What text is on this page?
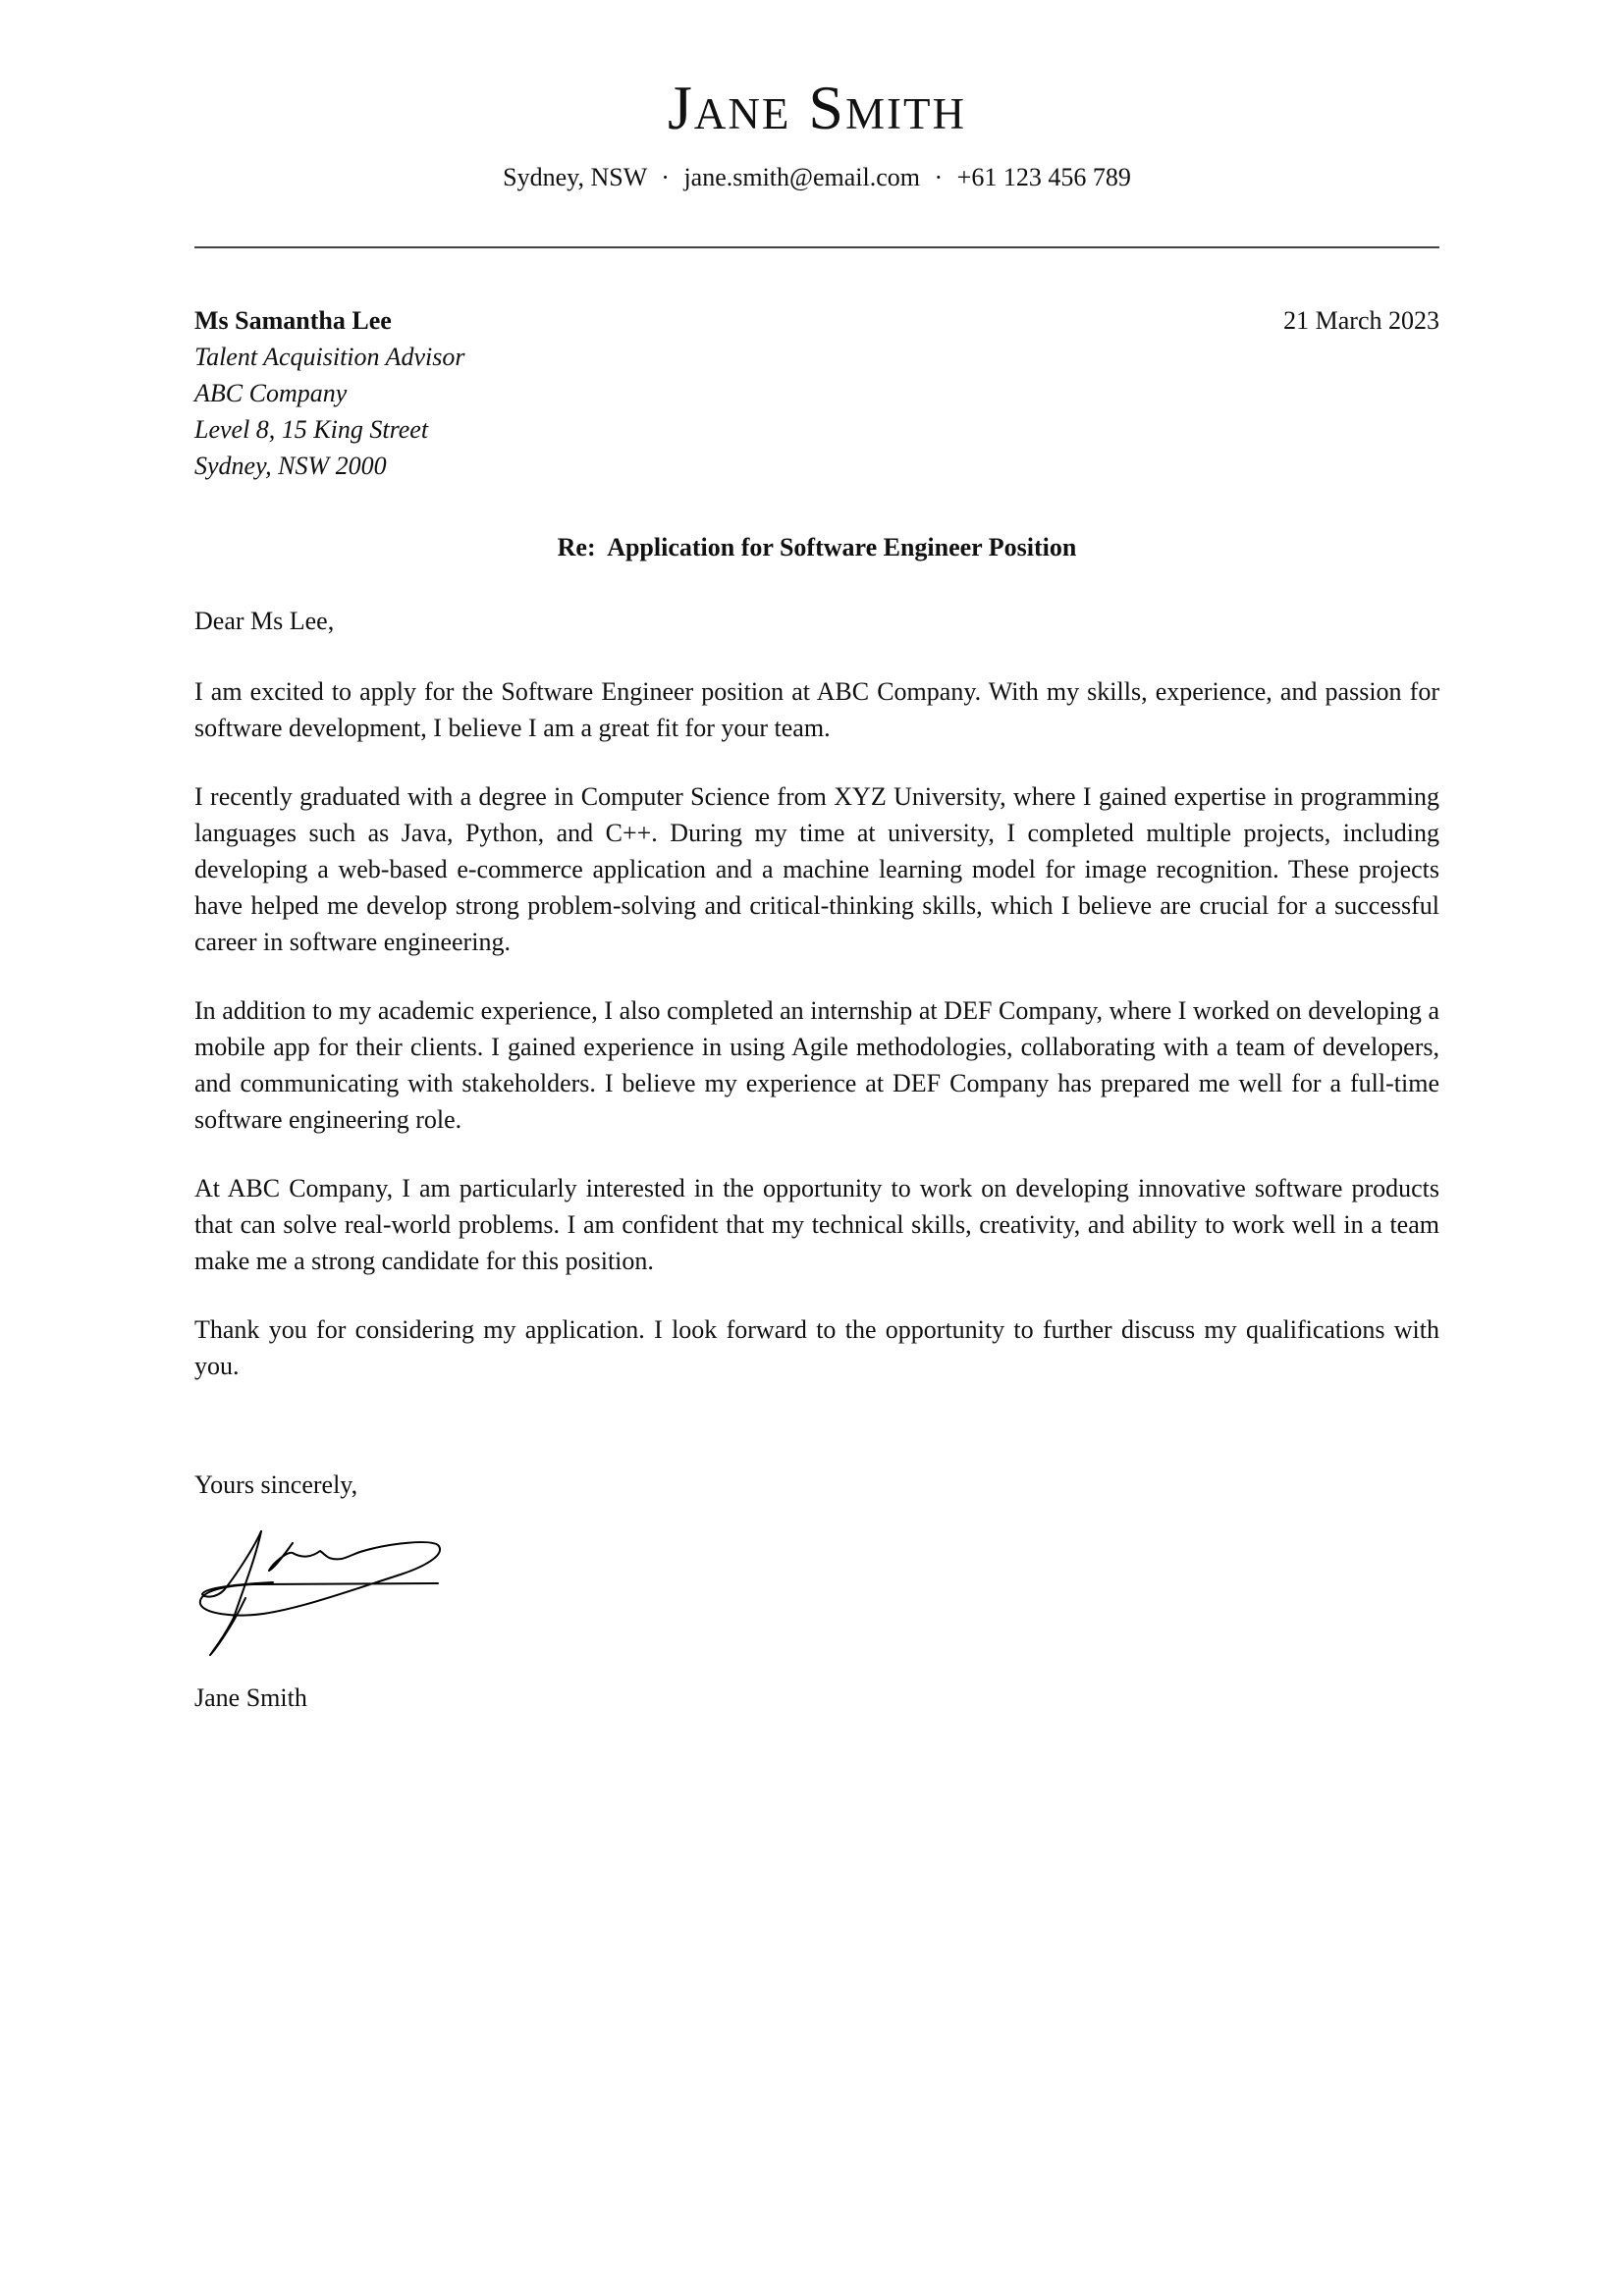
Jane Smith
Sydney, NSW · jane.smith@email.com · +61 123 456 789
Ms Samantha Lee
Talent Acquisition Advisor
ABC Company
Level 8, 15 King Street
Sydney, NSW 2000
21 March 2023
Re:  Application for Software Engineer Position
Dear Ms Lee,

I am excited to apply for the Software Engineer position at ABC Company. With my skills, experience, and passion for software development, I believe I am a great fit for your team.

I recently graduated with a degree in Computer Science from XYZ University, where I gained expertise in programming languages such as Java, Python, and C++. During my time at university, I completed multiple projects, including developing a web-based e-commerce application and a machine learning model for image recognition. These projects have helped me develop strong problem-solving and critical-thinking skills, which I believe are crucial for a successful career in software engineering.

In addition to my academic experience, I also completed an internship at DEF Company, where I worked on developing a mobile app for their clients. I gained experience in using Agile methodologies, collaborating with a team of developers, and communicating with stakeholders. I believe my experience at DEF Company has prepared me well for a full-time software engineering role.

At ABC Company, I am particularly interested in the opportunity to work on developing innovative software products that can solve real-world problems. I am confident that my technical skills, creativity, and ability to work well in a team make me a strong candidate for this position.

Thank you for considering my application. I look forward to the opportunity to further discuss my qualifications with you.

Yours sincerely,
Jane Smith
